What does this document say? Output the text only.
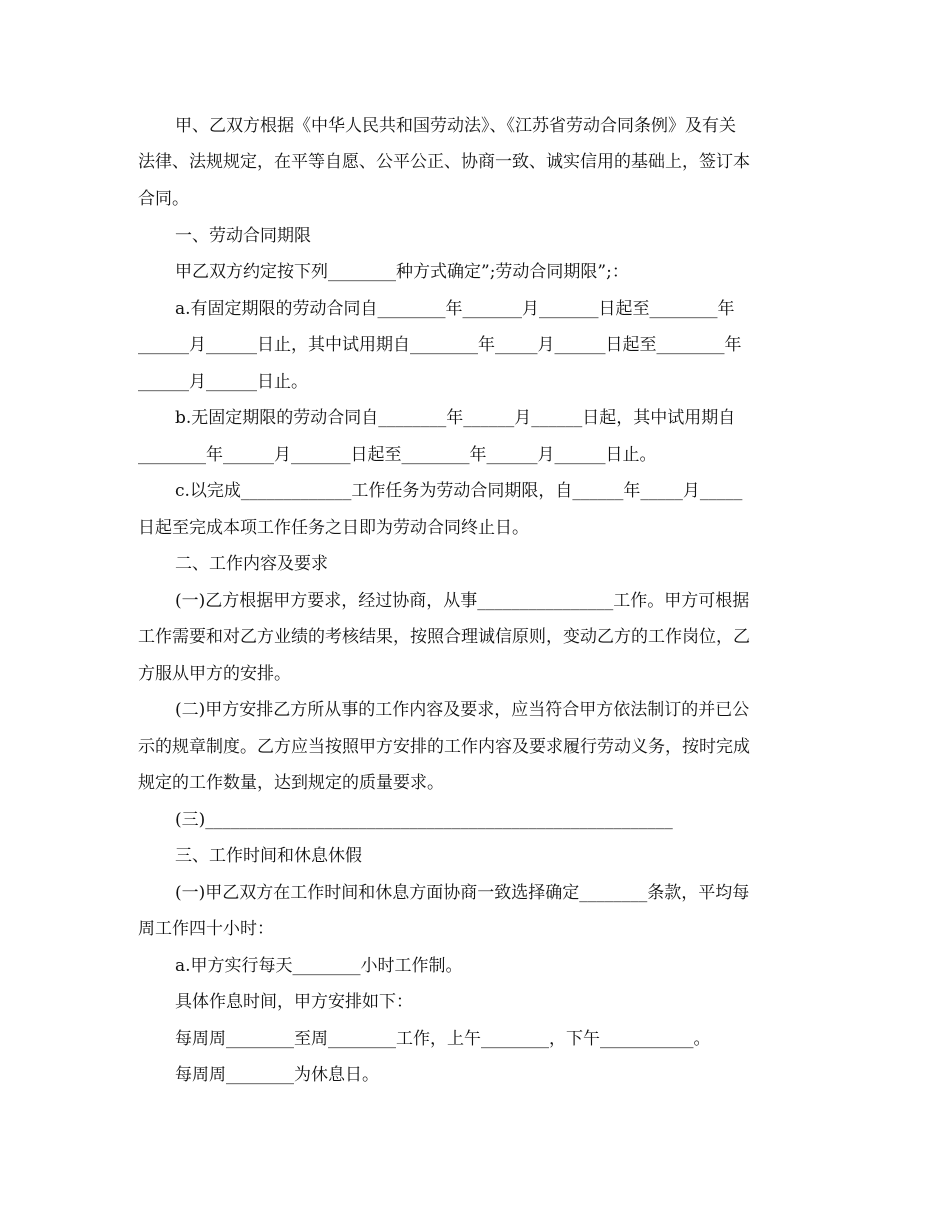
甲、乙双方根据《中华人民共和国劳动法》、《江苏省劳动合同条例》及有关
法律、法规规定，在平等自愿、公平公正、协商一致、诚实信用的基础上，签订本
合同。
一、劳动合同期限
甲乙双方约定按下列________种方式确定”;劳动合同期限”;：
a.有固定期限的劳动合同自________年_______月_______日起至________年
______月______日止，其中试用期自________年_____月______日起至________年
______月______日止。
b.无固定期限的劳动合同自________年______月______日起，其中试用期自
________年______月_______日起至________年______月______日止。
c.以完成_____________工作任务为劳动合同期限，自______年_____月_____
日起至完成本项工作任务之日即为劳动合同终止日。
二、工作内容及要求
(一)乙方根据甲方要求，经过协商，从事________________工作。甲方可根据
工作需要和对乙方业绩的考核结果，按照合理诚信原则，变动乙方的工作岗位，乙
方服从甲方的安排。
(二)甲方安排乙方所从事的工作内容及要求，应当符合甲方依法制订的并已公
示的规章制度。乙方应当按照甲方安排的工作内容及要求履行劳动义务，按时完成
规定的工作数量，达到规定的质量要求。
(三)_______________________________________________________
三、工作时间和休息休假
(一)甲乙双方在工作时间和休息方面协商一致选择确定________条款，平均每
周工作四十小时：
a.甲方实行每天________小时工作制。
具体作息时间，甲方安排如下：
每周周________至周________工作，上午________，下午___________。
每周周________为休息日。
